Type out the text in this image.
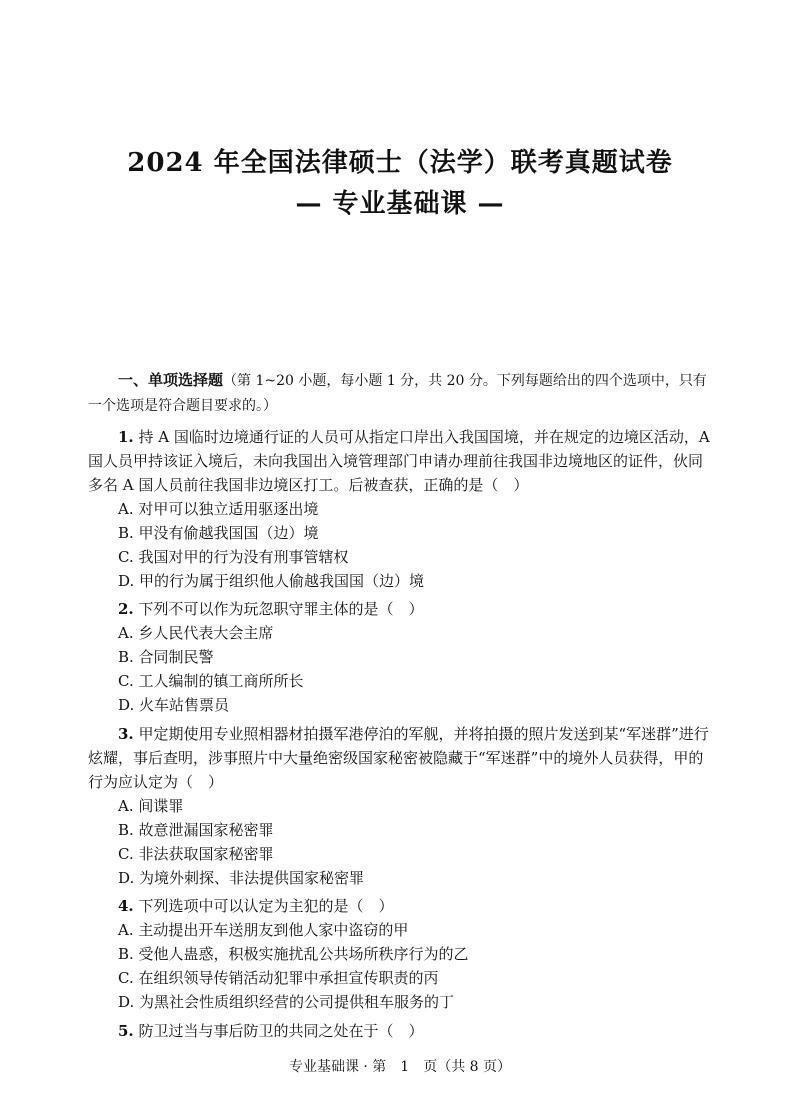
2024 年全国法律硕士（法学）联考真题试卷
— 专业基础课 —
一、单项选择题（第 1~20 小题，每小题 1 分，共 20 分。下列每题给出的四个选项中，只有一个选项是符合题目要求的。）

1. 持 A 国临时边境通行证的人员可从指定口岸出入我国国境，并在规定的边境区活动，A 国人员甲持该证入境后，未向我国出入境管理部门申请办理前往我国非边境地区的证件，伙同多名 A 国人员前往我国非边境区打工。后被查获，正确的是（　）

A. 对甲可以独立适用驱逐出境
B. 甲没有偷越我国国（边）境
C. 我国对甲的行为没有刑事管辖权
D. 甲的行为属于组织他人偷越我国国（边）境

2. 下列不可以作为玩忽职守罪主体的是（　）

A. 乡人民代表大会主席
B. 合同制民警
C. 工人编制的镇工商所所长
D. 火车站售票员

3. 甲定期使用专业照相器材拍摄军港停泊的军舰，并将拍摄的照片发送到某“军迷群”进行炫耀，事后查明，涉事照片中大量绝密级国家秘密被隐藏于“军迷群”中的境外人员获得，甲的行为应认定为（　）

A. 间谍罪
B. 故意泄漏国家秘密罪
C. 非法获取国家秘密罪
D. 为境外刺探、非法提供国家秘密罪

4. 下列选项中可以认定为主犯的是（　）

A. 主动提出开车送朋友到他人家中盗窃的甲
B. 受他人蛊惑，积极实施扰乱公共场所秩序行为的乙
C. 在组织领导传销活动犯罪中承担宣传职责的丙
D. 为黑社会性质组织经营的公司提供租车服务的丁

5. 防卫过当与事后防卫的共同之处在于（　）

专业基础课 · 第　1　页（共 8 页）
